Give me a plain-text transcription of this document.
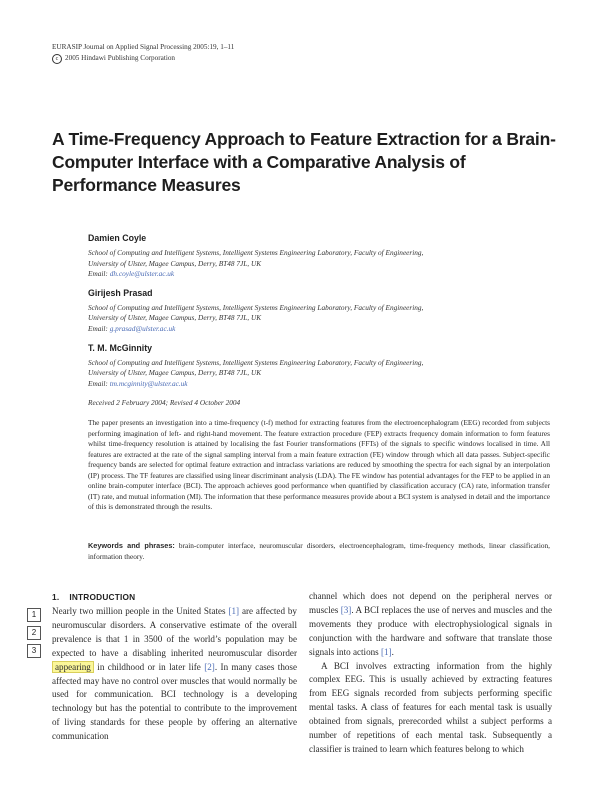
EURASIP Journal on Applied Signal Processing 2005:19, 1–11
c 2005 Hindawi Publishing Corporation
A Time-Frequency Approach to Feature Extraction for a Brain-Computer Interface with a Comparative Analysis of Performance Measures
Damien Coyle
School of Computing and Intelligent Systems, Intelligent Systems Engineering Laboratory, Faculty of Engineering,
University of Ulster, Magee Campus, Derry, BT48 7JL, UK
Email: dh.coyle@ulster.ac.uk
Girijesh Prasad
School of Computing and Intelligent Systems, Intelligent Systems Engineering Laboratory, Faculty of Engineering,
University of Ulster, Magee Campus, Derry, BT48 7JL, UK
Email: g.prasad@ulster.ac.uk
T. M. McGinnity
School of Computing and Intelligent Systems, Intelligent Systems Engineering Laboratory, Faculty of Engineering,
University of Ulster, Magee Campus, Derry, BT48 7JL, UK
Email: tm.mcginnity@ulster.ac.uk
Received 2 February 2004; Revised 4 October 2004
The paper presents an investigation into a time-frequency (t-f) method for extracting features from the electroencephalogram (EEG) recorded from subjects performing imagination of left- and right-hand movement. The feature extraction procedure (FEP) extracts frequency domain information to form features whilst time-frequency resolution is attained by localising the fast Fourier transformations (FFTs) of the signals to specific windows localised in time. All features are extracted at the rate of the signal sampling interval from a main feature extraction (FE) window through which all data passes. Subject-specific frequency bands are selected for optimal feature extraction and intraclass variations are reduced by smoothing the spectra for each signal by an interpolation (IP) process. The TF features are classified using linear discriminant analysis (LDA). The FE window has potential advantages for the FEP to be applied in an online brain-computer interface (BCI). The approach achieves good performance when quantified by classification accuracy (CA) rate, information transfer (IT) rate, and mutual information (MI). The information that these performance measures provide about a BCI system is analysed in detail and the importance of this is demonstrated through the results.
Keywords and phrases: brain-computer interface, neuromuscular disorders, electroencephalogram, time-frequency methods, linear classification, information theory.
1. INTRODUCTION
1
2
3

Nearly two million people in the United States [1] are affected by neuromuscular disorders. A conservative estimate of the overall prevalence is that 1 in 3500 of the world’s population may be expected to have a disabling inherited neuromuscular disorder appearing in childhood or in later life [2]. In many cases those affected may have no control over muscles that would normally be used for communication. BCI technology is a developing technology but has the potential to contribute to the improvement of living standards for these people by offering an alternative communication

channel which does not depend on the peripheral nerves or muscles [3]. A BCI replaces the use of nerves and muscles and the movements they produce with electrophysiological signals in conjunction with the hardware and software that translate those signals into actions [1].

A BCI involves extracting information from the highly complex EEG. This is usually achieved by extracting features from EEG signals recorded from subjects performing specific mental tasks. A class of features for each mental task is usually obtained from signals, prerecorded whilst a subject performs a number of repetitions of each mental task. Subsequently a classifier is trained to learn which features belong to which
